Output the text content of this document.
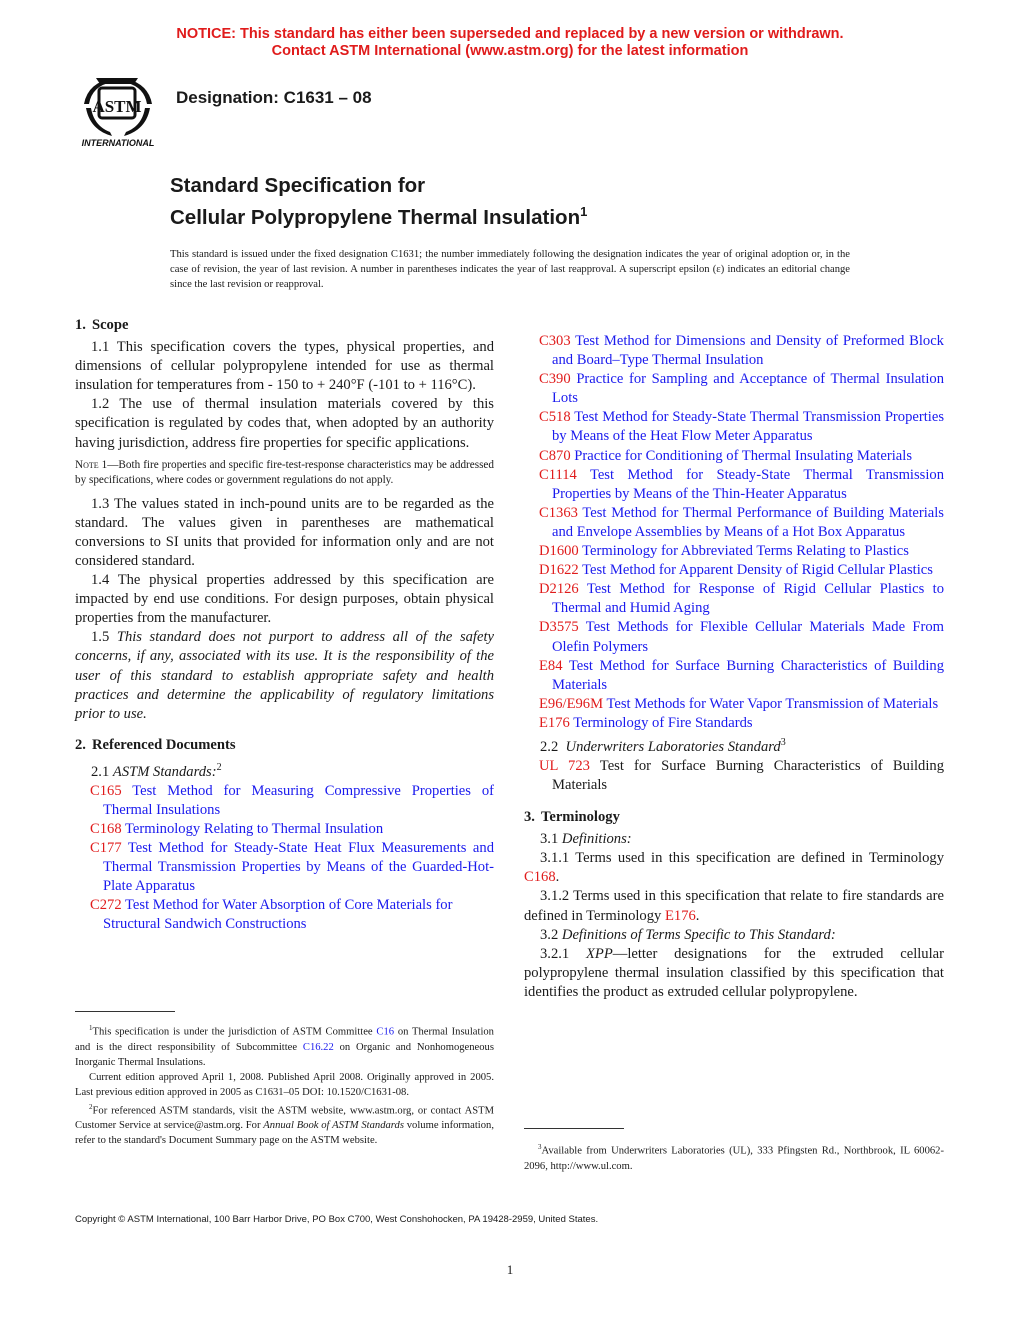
NOTICE: This standard has either been superseded and replaced by a new version or withdrawn.
Contact ASTM International (www.astm.org) for the latest information
ASTM
INTERNATIONAL
Designation: C1631 – 08
Standard Specification for
Cellular Polypropylene Thermal Insulation$^1$
This standard is issued under the fixed designation C1631; the number immediately following the designation indicates the year of original adoption or, in the case of revision, the year of last revision. A number in parentheses indicates the year of last reapproval. A superscript epsilon (ε) indicates an editorial change since the last revision or reapproval.

1. Scope

1.1 This specification covers the types, physical properties, and dimensions of cellular polypropylene intended for use as thermal insulation for temperatures from - 150 to + 240°F (-101 to + 116°C).

1.2 The use of thermal insulation materials covered by this specification is regulated by codes that, when adopted by an authority having jurisdiction, address fire properties for specific applications.

Note 1—Both fire properties and specific fire-test-response characteristics may be addressed by specifications, where codes or government regulations do not apply.

1.3 The values stated in inch-pound units are to be regarded as the standard. The values given in parentheses are mathematical conversions to SI units that provided for information only and are not considered standard.

1.4 The physical properties addressed by this specification are impacted by end use conditions. For design purposes, obtain physical properties from the manufacturer.

1.5 This standard does not purport to address all of the safety concerns, if any, associated with its use. It is the responsibility of the user of this standard to establish appropriate safety and health practices and determine the applicability of regulatory limitations prior to use.

2. Referenced Documents

2.1 ASTM Standards:$^2$

C165 Test Method for Measuring Compressive Properties of Thermal Insulations

C168 Terminology Relating to Thermal Insulation

C177 Test Method for Steady-State Heat Flux Measurements and Thermal Transmission Properties by Means of the Guarded-Hot-Plate Apparatus

C272 Test Method for Water Absorption of Core Materials for Structural Sandwich Constructions

$^1$This specification is under the jurisdiction of ASTM Committee C16 on Thermal Insulation and is the direct responsibility of Subcommittee C16.22 on Organic and Nonhomogeneous Inorganic Thermal Insulations.
Current edition approved April 1, 2008. Published April 2008. Originally approved in 2005. Last previous edition approved in 2005 as C1631–05 DOI: 10.1520/C1631-08.
$^2$For referenced ASTM standards, visit the ASTM website, www.astm.org, or contact ASTM Customer Service at service@astm.org. For Annual Book of ASTM Standards volume information, refer to the standard's Document Summary page on the ASTM website.

C303 Test Method for Dimensions and Density of Preformed Block and Board–Type Thermal Insulation

C390 Practice for Sampling and Acceptance of Thermal Insulation Lots

C518 Test Method for Steady-State Thermal Transmission Properties by Means of the Heat Flow Meter Apparatus

C870 Practice for Conditioning of Thermal Insulating Materials

C1114 Test Method for Steady-State Thermal Transmission Properties by Means of the Thin-Heater Apparatus

C1363 Test Method for Thermal Performance of Building Materials and Envelope Assemblies by Means of a Hot Box Apparatus

D1600 Terminology for Abbreviated Terms Relating to Plastics

D1622 Test Method for Apparent Density of Rigid Cellular Plastics

D2126 Test Method for Response of Rigid Cellular Plastics to Thermal and Humid Aging

D3575 Test Methods for Flexible Cellular Materials Made From Olefin Polymers

E84 Test Method for Surface Burning Characteristics of Building Materials

E96/E96M Test Methods for Water Vapor Transmission of Materials

E176 Terminology of Fire Standards

2.2 Underwriters Laboratories Standard$^3$

UL 723 Test for Surface Burning Characteristics of Building Materials

3. Terminology

3.1 Definitions:

3.1.1 Terms used in this specification are defined in Terminology C168.

3.1.2 Terms used in this specification that relate to fire standards are defined in Terminology E176.

3.2 Definitions of Terms Specific to This Standard:

3.2.1 XPP—letter designations for the extruded cellular polypropylene thermal insulation classified by this specification that identifies the product as extruded cellular polypropylene.

$^3$Available from Underwriters Laboratories (UL), 333 Pfingsten Rd., Northbrook, IL 60062-2096, http://www.ul.com.
Copyright © ASTM International, 100 Barr Harbor Drive, PO Box C700, West Conshohocken, PA 19428-2959, United States.
1
